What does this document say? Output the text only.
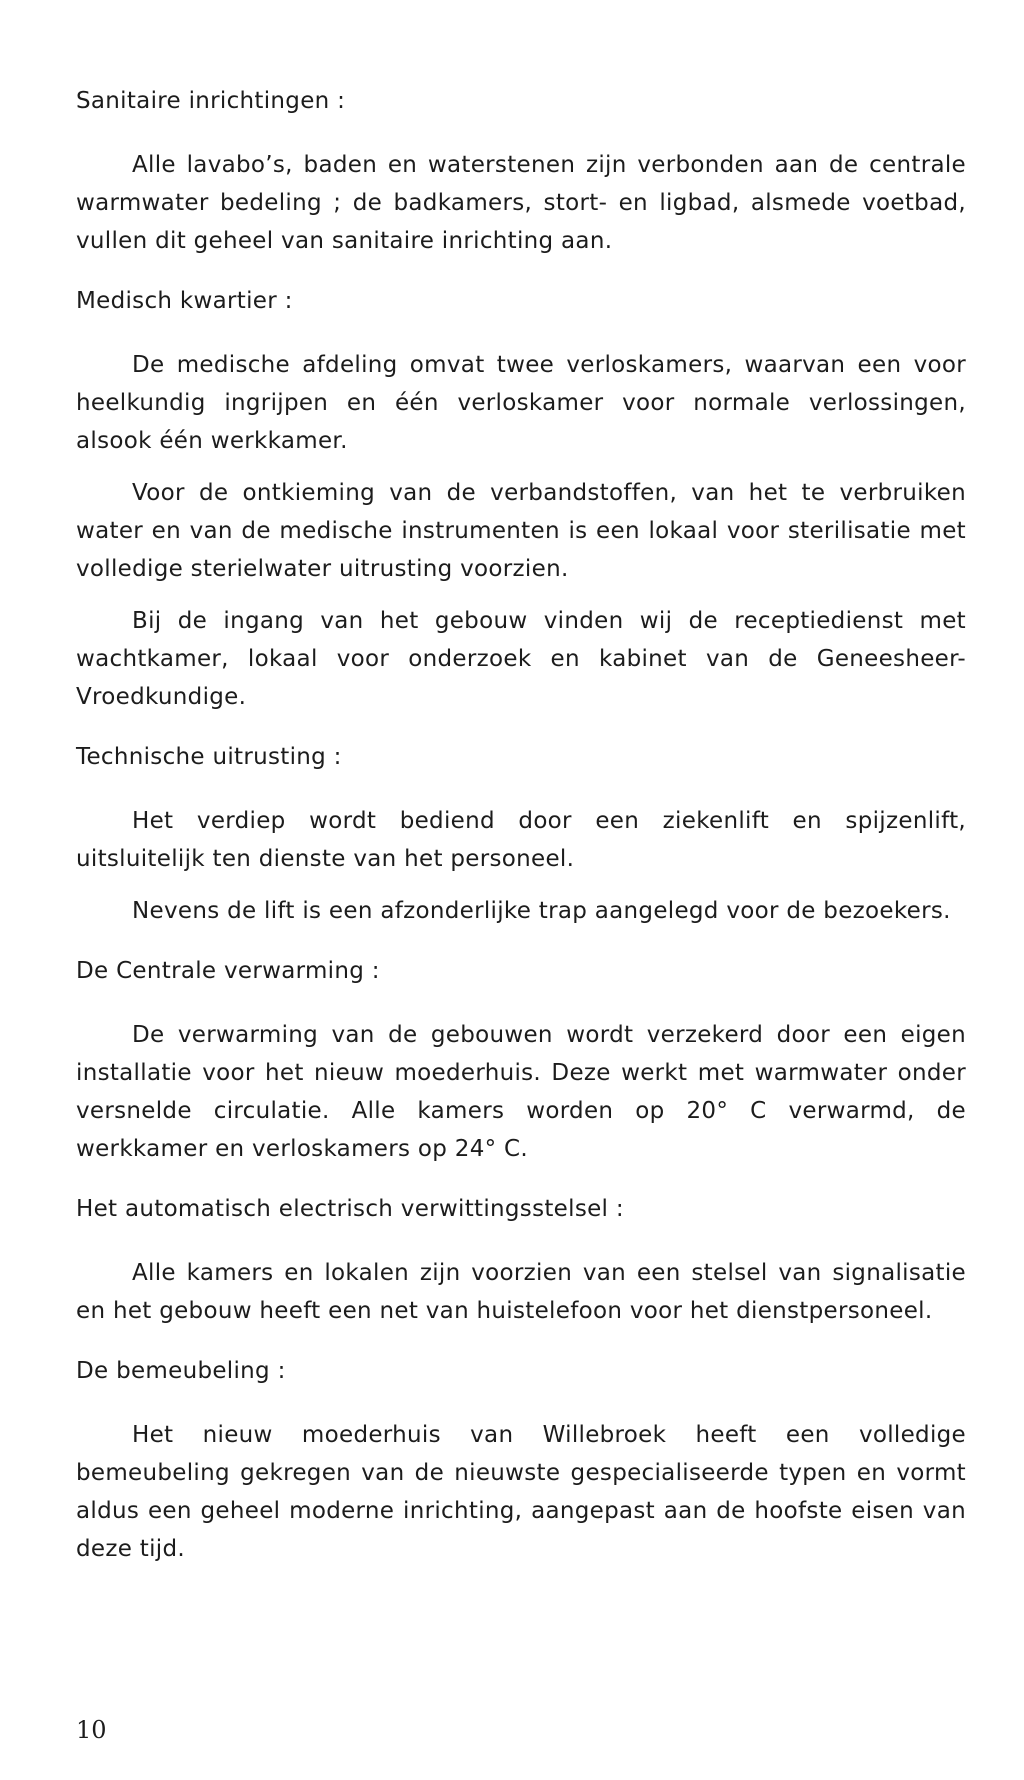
Sanitaire inrichtingen :

Alle lavabo’s, baden en waterstenen zijn verbonden aan de centrale warmwater bedeling ; de badkamers, stort- en ligbad, alsmede voetbad, vullen dit geheel van sanitaire inrichting aan.

Medisch kwartier :

De medische afdeling omvat twee verloskamers, waarvan een voor heelkundig ingrijpen en één verloskamer voor normale verlossingen, alsook één werkkamer.

Voor de ontkieming van de verbandstoffen, van het te verbruiken water en van de medische instrumenten is een lokaal voor sterilisatie met volledige sterielwater uitrusting voorzien.

Bij de ingang van het gebouw vinden wij de receptiedienst met wachtkamer, lokaal voor onderzoek en kabinet van de Geneesheer-Vroedkundige.

Technische uitrusting :

Het verdiep wordt bediend door een ziekenlift en spijzenlift, uitsluitelijk ten dienste van het personeel.

Nevens de lift is een afzonderlijke trap aangelegd voor de bezoekers.

De Centrale verwarming :

De verwarming van de gebouwen wordt verzekerd door een eigen installatie voor het nieuw moederhuis. Deze werkt met warmwater onder versnelde circulatie. Alle kamers worden op 20° C verwarmd, de werkkamer en verloskamers op 24° C.

Het automatisch electrisch verwittingsstelsel :

Alle kamers en lokalen zijn voorzien van een stelsel van signalisatie en het gebouw heeft een net van huistelefoon voor het dienstpersoneel.

De bemeubeling :

Het nieuw moederhuis van Willebroek heeft een volledige bemeubeling gekregen van de nieuwste gespecialiseerde typen en vormt aldus een geheel moderne inrichting, aangepast aan de hoofste eisen van deze tijd.

10
